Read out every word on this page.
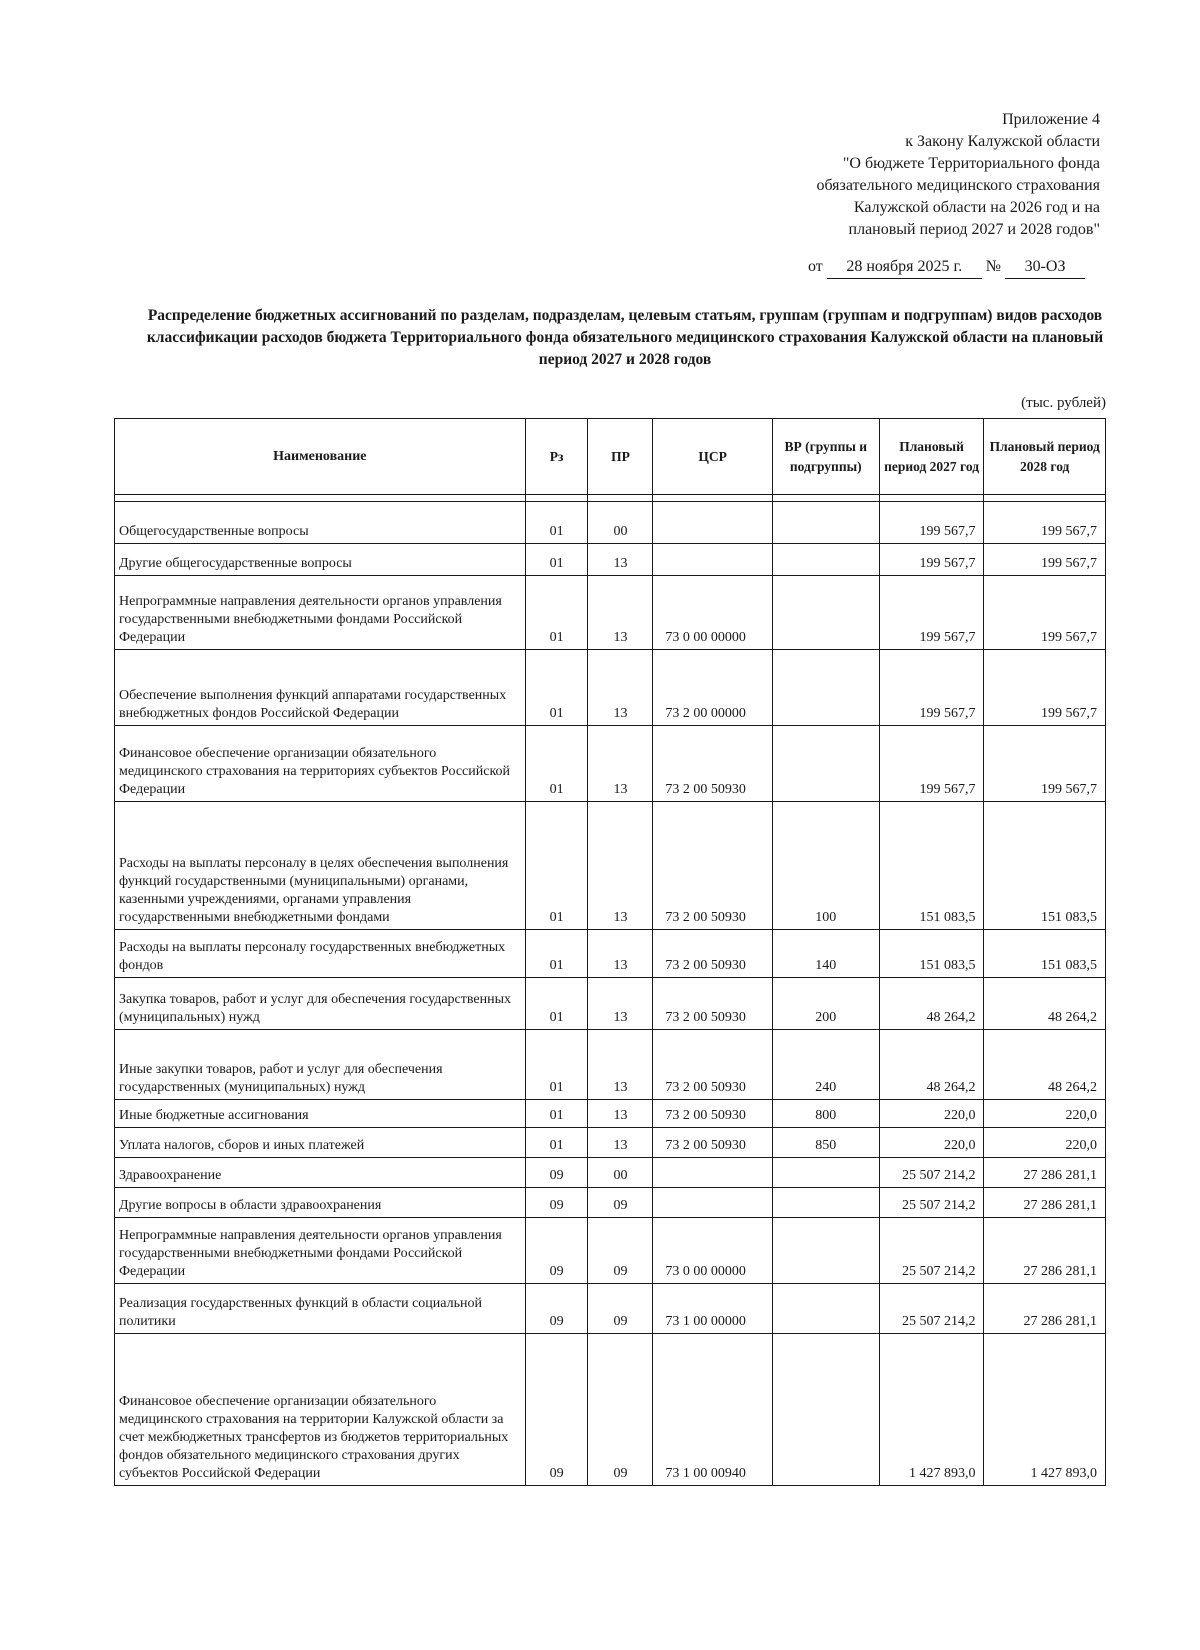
Приложение 4
к Закону Калужской области
"О бюджете Территориального фонда
обязательного медицинского страхования
Калужской области на 2026 год и на
плановый период 2027 и 2028 годов"
от 28 ноября 2025 г. № 30-ОЗ
Распределение бюджетных ассигнований по разделам, подразделам, целевым статьям, группам (группам и подгруппам) видов расходов классификации расходов бюджета Территориального фонда обязательного медицинского страхования Калужской области на плановый период 2027 и 2028 годов
(тыс. рублей)
Наименование	Рз	ПР	ЦСР	ВР (группы и подгруппы)	Плановый период 2027 год	Плановый период 2028 год

Общегосударственные вопросы	01	00			199 567,7	199 567,7
Другие общегосударственные вопросы	01	13			199 567,7	199 567,7
Непрограммные направления деятельности органов управления государственными внебюджетными фондами Российской Федерации	01	13	73 0 00 00000		199 567,7	199 567,7
Обеспечение выполнения функций аппаратами государственных внебюджетных фондов Российской Федерации	01	13	73 2 00 00000		199 567,7	199 567,7
Финансовое обеспечение организации обязательного медицинского страхования на территориях субъектов Российской Федерации	01	13	73 2 00 50930		199 567,7	199 567,7
Расходы на выплаты персоналу в целях обеспечения выполнения функций государственными (муниципальными) органами, казенными учреждениями, органами управления государственными внебюджетными фондами	01	13	73 2 00 50930	100	151 083,5	151 083,5
Расходы на выплаты персоналу государственных внебюджетных фондов	01	13	73 2 00 50930	140	151 083,5	151 083,5
Закупка товаров, работ и услуг для обеспечения государственных (муниципальных) нужд	01	13	73 2 00 50930	200	48 264,2	48 264,2
Иные закупки товаров, работ и услуг для обеспечения государственных (муниципальных) нужд	01	13	73 2 00 50930	240	48 264,2	48 264,2
Иные бюджетные ассигнования	01	13	73 2 00 50930	800	220,0	220,0
Уплата налогов, сборов и иных платежей	01	13	73 2 00 50930	850	220,0	220,0
Здравоохранение	09	00			25 507 214,2	27 286 281,1
Другие вопросы в области здравоохранения	09	09			25 507 214,2	27 286 281,1
Непрограммные направления деятельности органов управления государственными внебюджетными фондами Российской Федерации	09	09	73 0 00 00000		25 507 214,2	27 286 281,1
Реализация государственных функций в области социальной политики	09	09	73 1 00 00000		25 507 214,2	27 286 281,1
Финансовое обеспечение организации обязательного медицинского страхования на территории Калужской области за счет межбюджетных трансфертов из бюджетов территориальных фондов обязательного медицинского страхования других субъектов Российской Федерации	09	09	73 1 00 00940		1 427 893,0	1 427 893,0
